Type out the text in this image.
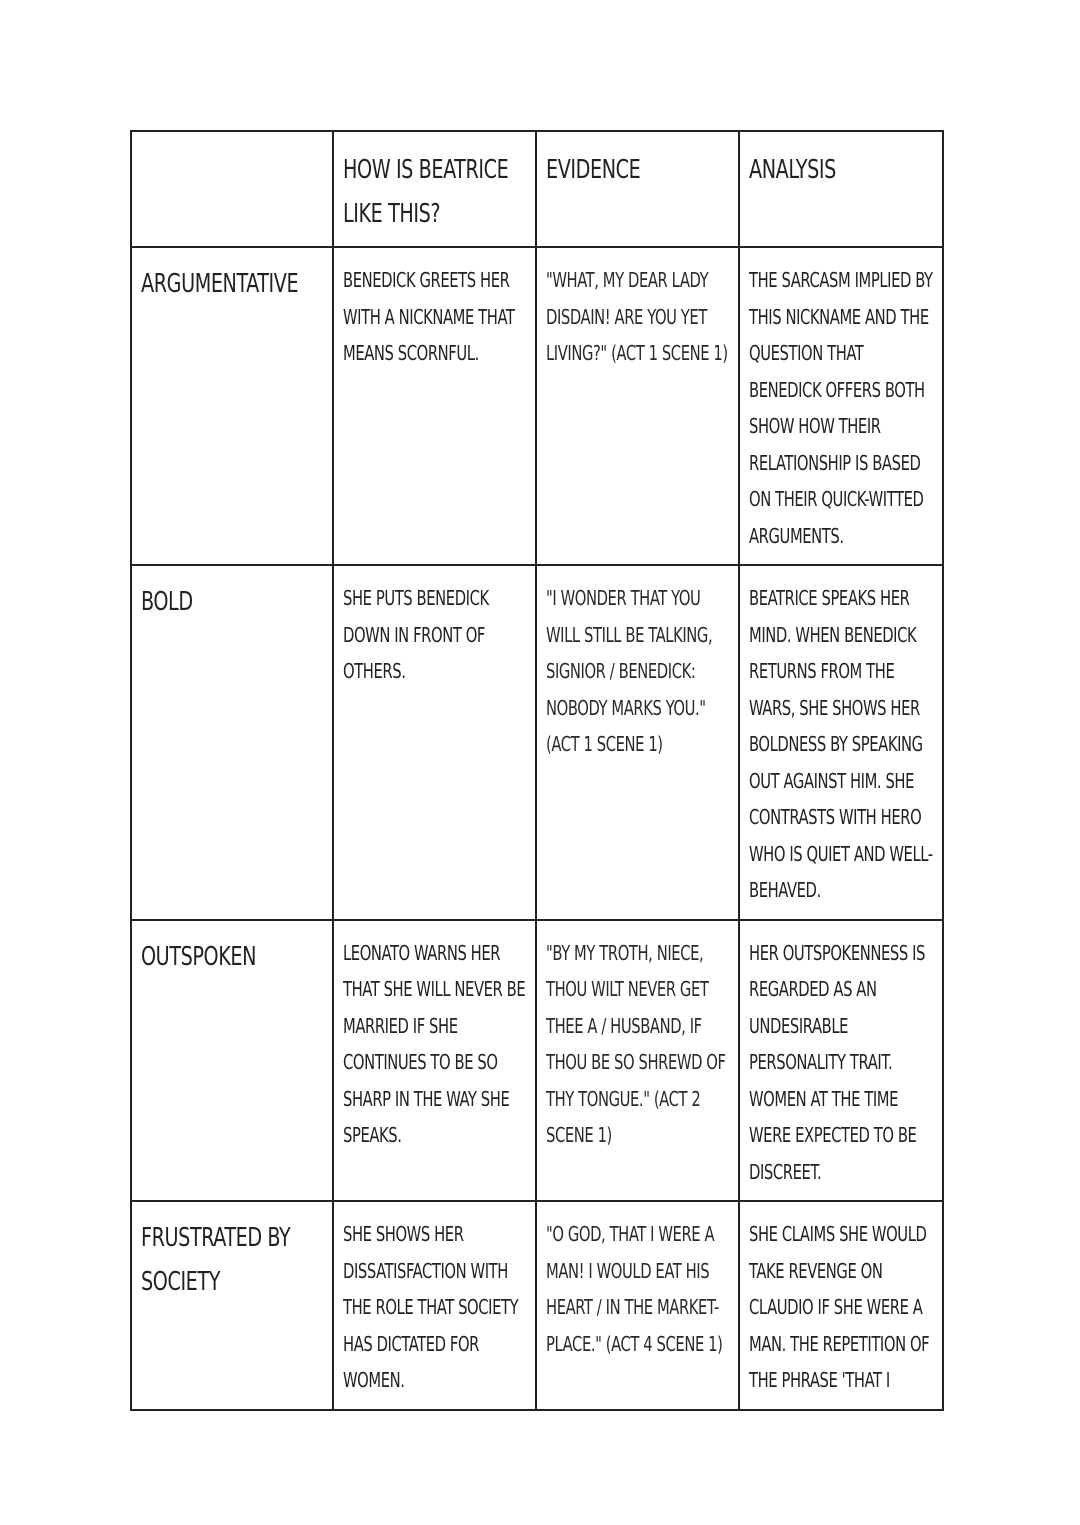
	HOW IS BEATRICE LIKE THIS?	EVIDENCE	ANALYSIS
ARGUMENTATIVE	BENEDICK GREETS HER WITH A NICKNAME THAT MEANS SCORNFUL.	"WHAT, MY DEAR LADY DISDAIN! ARE YOU YET LIVING?" (ACT 1 SCENE 1)	THE SARCASM IMPLIED BY THIS NICKNAME AND THE QUESTION THAT BENEDICK OFFERS BOTH SHOW HOW THEIR RELATIONSHIP IS BASED ON THEIR QUICK-WITTED ARGUMENTS.
BOLD	SHE PUTS BENEDICK DOWN IN FRONT OF OTHERS.	"I WONDER THAT YOU WILL STILL BE TALKING, SIGNIOR / BENEDICK: NOBODY MARKS YOU." (ACT 1 SCENE 1)	BEATRICE SPEAKS HER MIND. WHEN BENEDICK RETURNS FROM THE WARS, SHE SHOWS HER BOLDNESS BY SPEAKING OUT AGAINST HIM. SHE CONTRASTS WITH HERO WHO IS QUIET AND WELL-BEHAVED.
OUTSPOKEN	LEONATO WARNS HER THAT SHE WILL NEVER BE MARRIED IF SHE CONTINUES TO BE SO SHARP IN THE WAY SHE SPEAKS.	"BY MY TROTH, NIECE, THOU WILT NEVER GET THEE A / HUSBAND, IF THOU BE SO SHREWD OF THY TONGUE." (ACT 2 SCENE 1)	HER OUTSPOKENNESS IS REGARDED AS AN UNDESIRABLE PERSONALITY TRAIT. WOMEN AT THE TIME WERE EXPECTED TO BE DISCREET.
FRUSTRATED BY SOCIETY	SHE SHOWS HER DISSATISFACTION WITH THE ROLE THAT SOCIETY HAS DICTATED FOR WOMEN.	"O GOD, THAT I WERE A MAN! I WOULD EAT HIS HEART / IN THE MARKET-PLACE." (ACT 4 SCENE 1)	SHE CLAIMS SHE WOULD TAKE REVENGE ON CLAUDIO IF SHE WERE A MAN. THE REPETITION OF THE PHRASE 'THAT I
